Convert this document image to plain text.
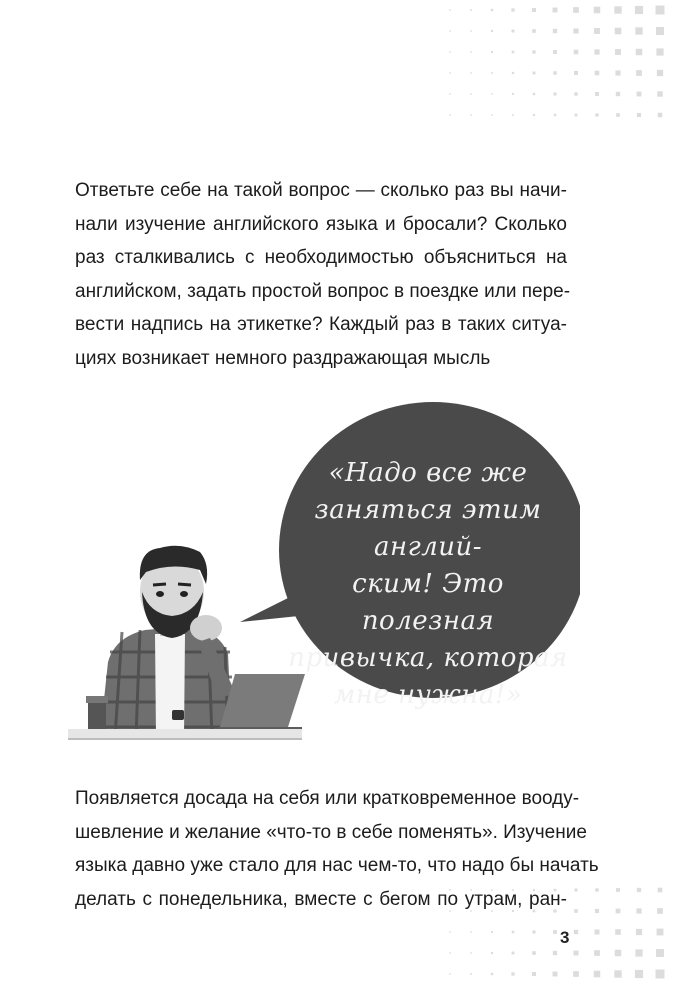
Ответьте себе на такой вопрос — сколько раз вы начи-
нали изучение английского языка и бросали? Сколько
раз сталкивались с необходимостью объясниться на
английском, задать простой вопрос в поездке или пере-
вести надпись на этикетке? Каждый раз в таких ситуа-
циях возникает немного раздражающая мысль

«Надо все же
заняться этим англий-
ским! Это полезная
привычка, которая
мне нужна!»

Появляется досада на себя или кратковременное вооду-
шевление и желание «что-то в себе поменять». Изучение
языка давно уже стало для нас чем-то, что надо бы начать
делать с понедельника, вместе с бегом по утрам, ран-

3
